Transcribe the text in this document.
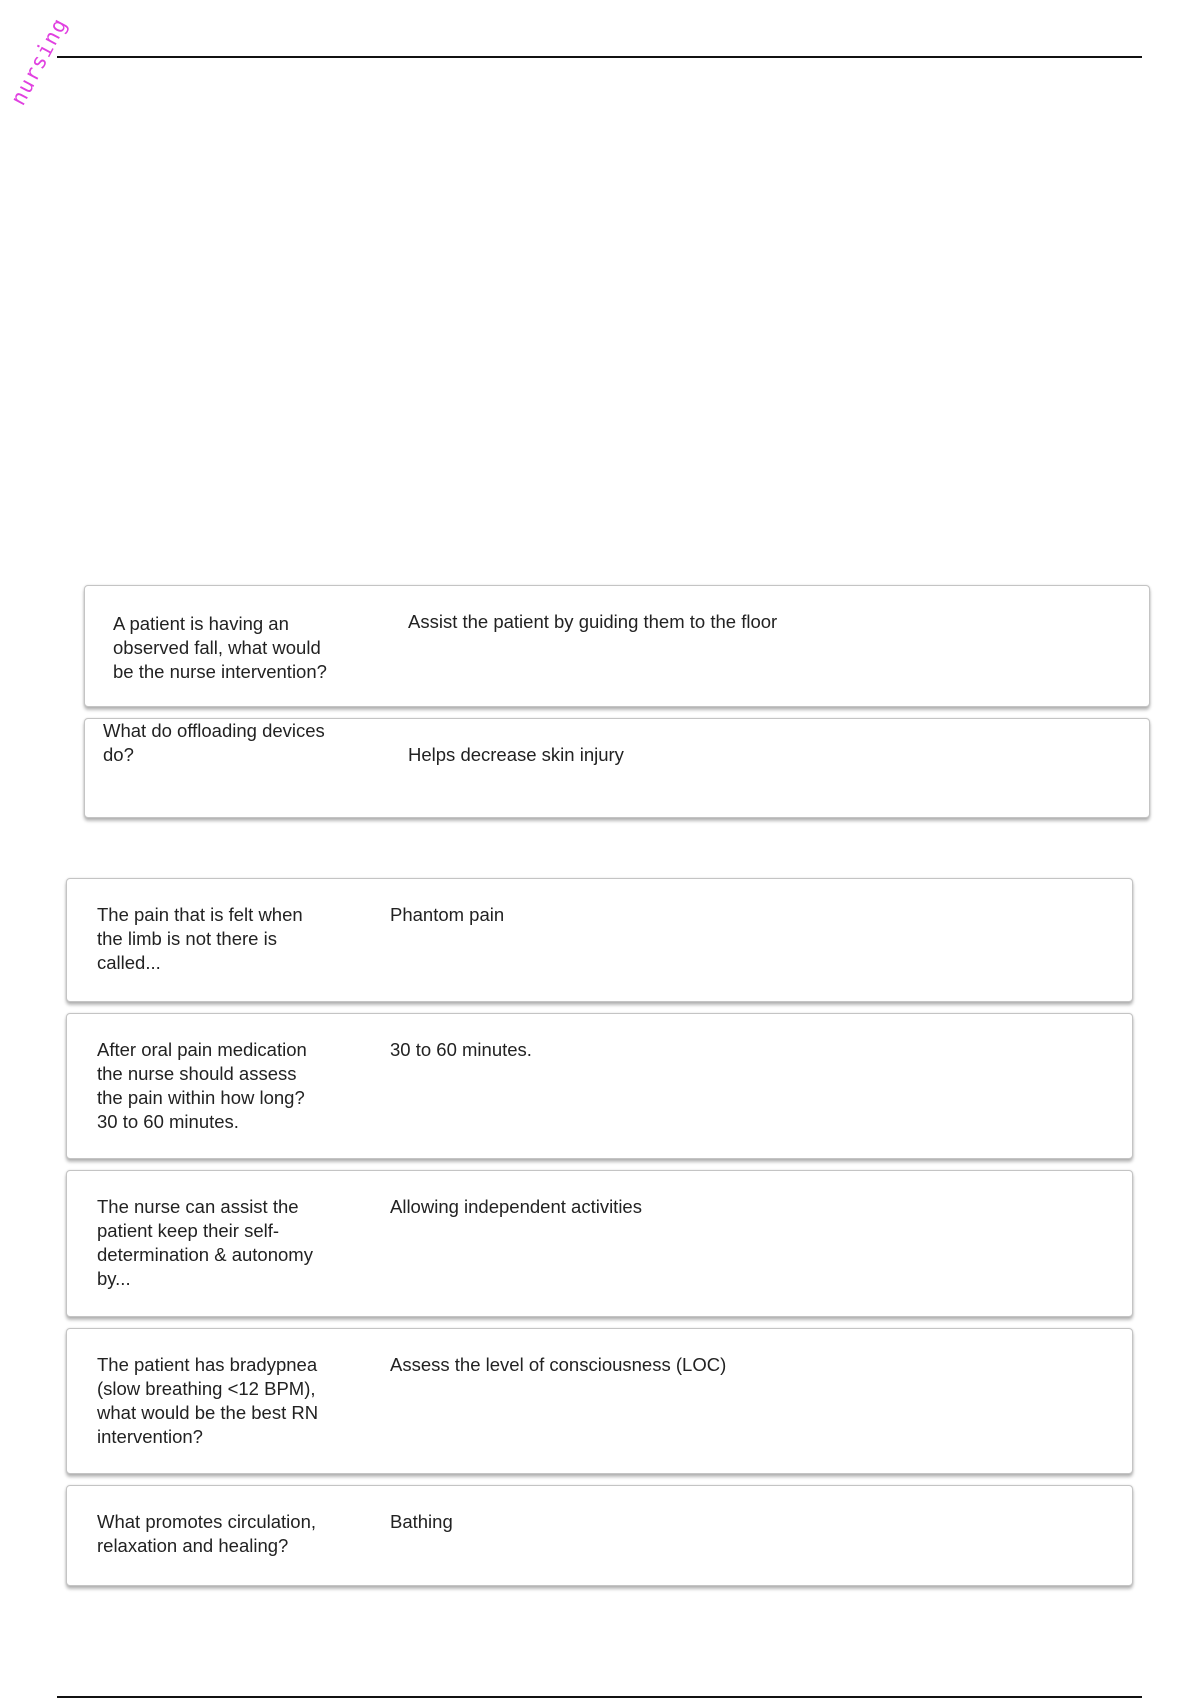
nursing
A patient is having an
observed fall, what would
be the nurse intervention?
Assist the patient by guiding them to the floor
What do offloading devices
do?	Helps decrease skin injury
The pain that is felt when
the limb is not there is
called...
Phantom pain
After oral pain medication
the nurse should assess
the pain within how long?
30 to 60 minutes.
30 to 60 minutes.
The nurse can assist the
patient keep their self-
determination & autonomy
by...
Allowing independent activities
The patient has bradypnea
(slow breathing <12 BPM),
what would be the best RN
intervention?
Assess the level of consciousness (LOC)
What promotes circulation,
relaxation and healing?
Bathing
